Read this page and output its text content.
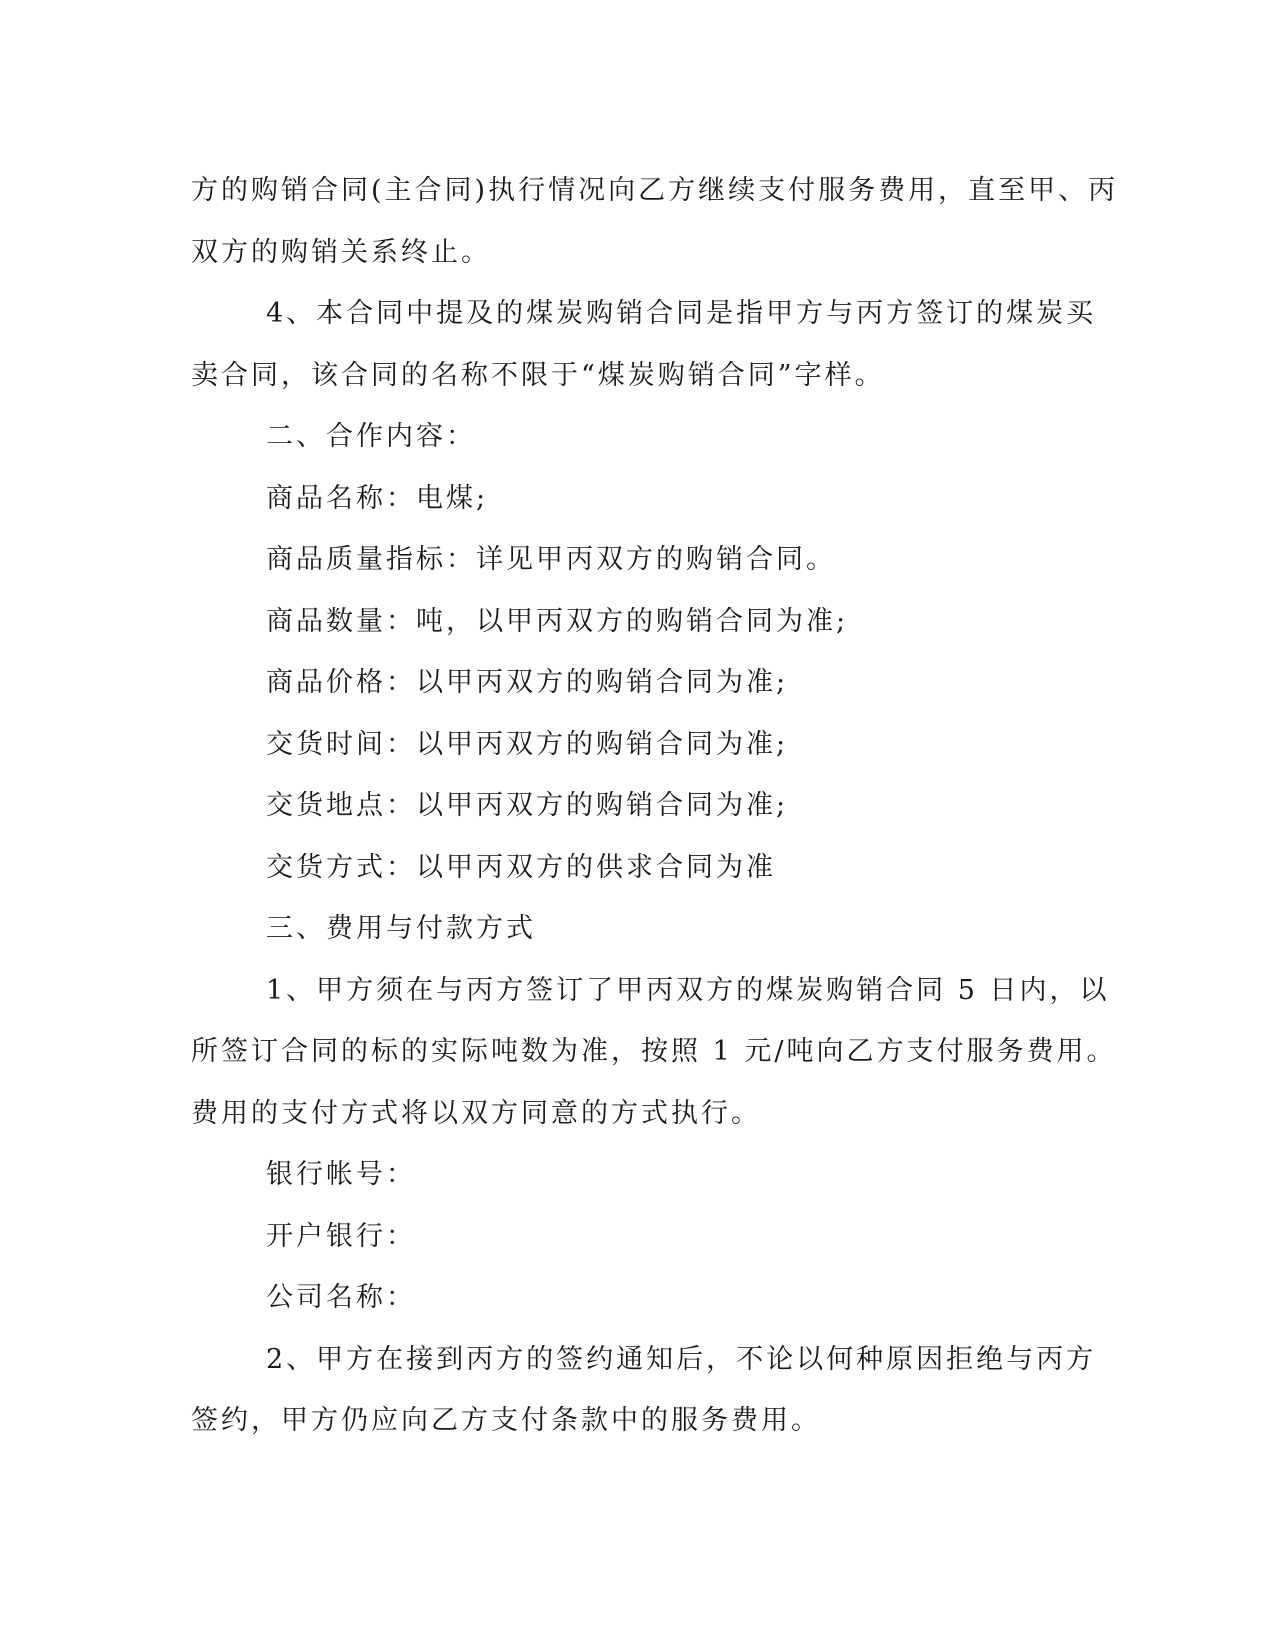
方的购销合同(主合同)执行情况向乙方继续支付服务费用，直至甲、丙
双方的购销关系终止。
4、本合同中提及的煤炭购销合同是指甲方与丙方签订的煤炭买
卖合同，该合同的名称不限于“煤炭购销合同”字样。
二、合作内容：
商品名称：电煤;
商品质量指标：详见甲丙双方的购销合同。
商品数量：吨，以甲丙双方的购销合同为准;
商品价格：以甲丙双方的购销合同为准;
交货时间：以甲丙双方的购销合同为准;
交货地点：以甲丙双方的购销合同为准;
交货方式：以甲丙双方的供求合同为准
三、费用与付款方式
1、甲方须在与丙方签订了甲丙双方的煤炭购销合同 5 日内，以
所签订合同的标的实际吨数为准，按照 1 元/吨向乙方支付服务费用。
费用的支付方式将以双方同意的方式执行。
银行帐号：
开户银行：
公司名称：
2、甲方在接到丙方的签约通知后，不论以何种原因拒绝与丙方
签约，甲方仍应向乙方支付条款中的服务费用。
